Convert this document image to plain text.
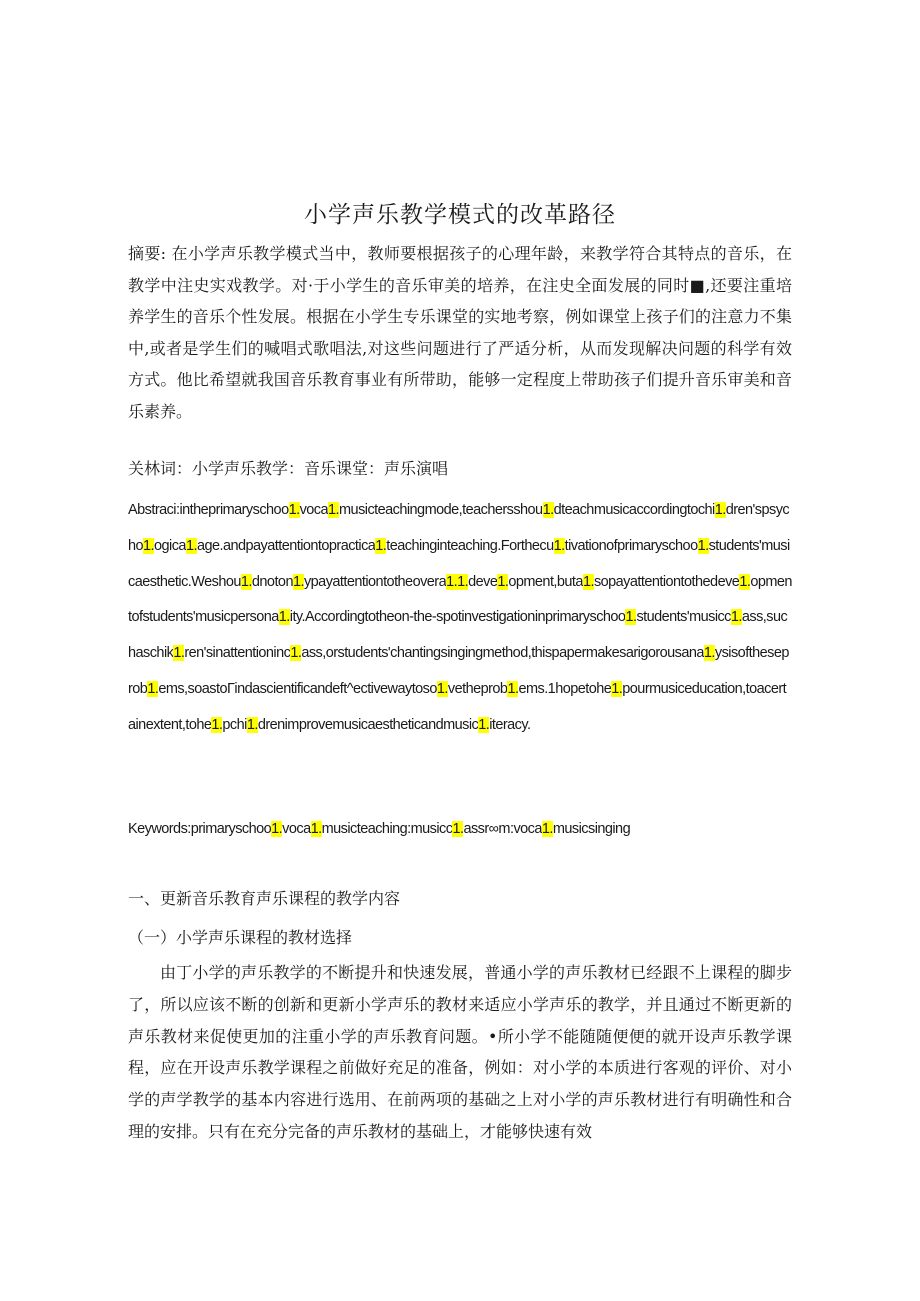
小学声乐教学模式的改革路径

摘要: 在小学声乐教学模式当中，教师要根据孩子的心理年龄，来教学符合其特点的音乐，在教学中注史实戏教学。对·于小学生的音乐审美的培养，在注史全面发展的同时■,还要注重培养学生的音乐个性发展。根据在小学生专乐课堂的实地考察，例如课堂上孩子们的注意力不集中,或者是学生们的喊唱式歌唱法,对这些问题进行了严适分析，从而发现解决问题的科学有效方式。他比希望就我国音乐教育事业有所带助，能够一定程度上带助孩子们提升音乐审美和音乐素养。

关林词：小学声乐教学：音乐课堂：声乐演唱

Abstraci:intheprimaryschoo1.voca1.musicteachingmode,teachersshou1.dteachmusicaccordingtochi1.dren'spsycho1.ogica1.age.andpayattentiontopractica1.teachinginteaching.Forthecu1.tivationofprimaryschoo1.students'musicaesthetic.Weshou1.dnoton1.ypayattentiontotheovera1.1.deve1.opment,buta1.sopayattentiontothedeve1.opmentofstudents'musicpersona1.ity.Accordingtotheon-the-spotinvestigationinprimaryschoo1.students'musicc1.ass,suchaschik1.ren'sinattentioninc1.ass,orstudents'chantingsingingmethod,thispapermakesarigorousana1.ysisoftheseprob1.ems,soastoΓindascientificandeft^ectivewaytoso1.vetheprob1.ems.1hopetohe1.pourmusiceducation,toacertainextent,tohe1.pchi1.drenimprovemusicaestheticandmusic1.iteracy.

Keywords:primaryschoo1.voca1.musicteaching:musicc1.assr∞m:voca1.musicsinging

一、更新音乐教育声乐课程的教学内容
（一）小学声乐课程的教材选择

由丁小学的声乐教学的不断提升和快速发展，普通小学的声乐教材已经跟不上课程的脚步了，所以应该不断的创新和更新小学声乐的教材来适应小学声乐的教学，并且通过不断更新的声乐教材来促使更加的注重小学的声乐教育问题。•所小学不能随随便便的就开设声乐教学课程，应在开设声乐教学课程之前做好充足的准备，例如：对小学的本质进行客观的评价、对小学的声学教学的基本内容进行选用、在前两项的基础之上对小学的声乐教材进行有明确性和合理的安排。只有在充分完备的声乐教材的基础上，才能够快速有效
